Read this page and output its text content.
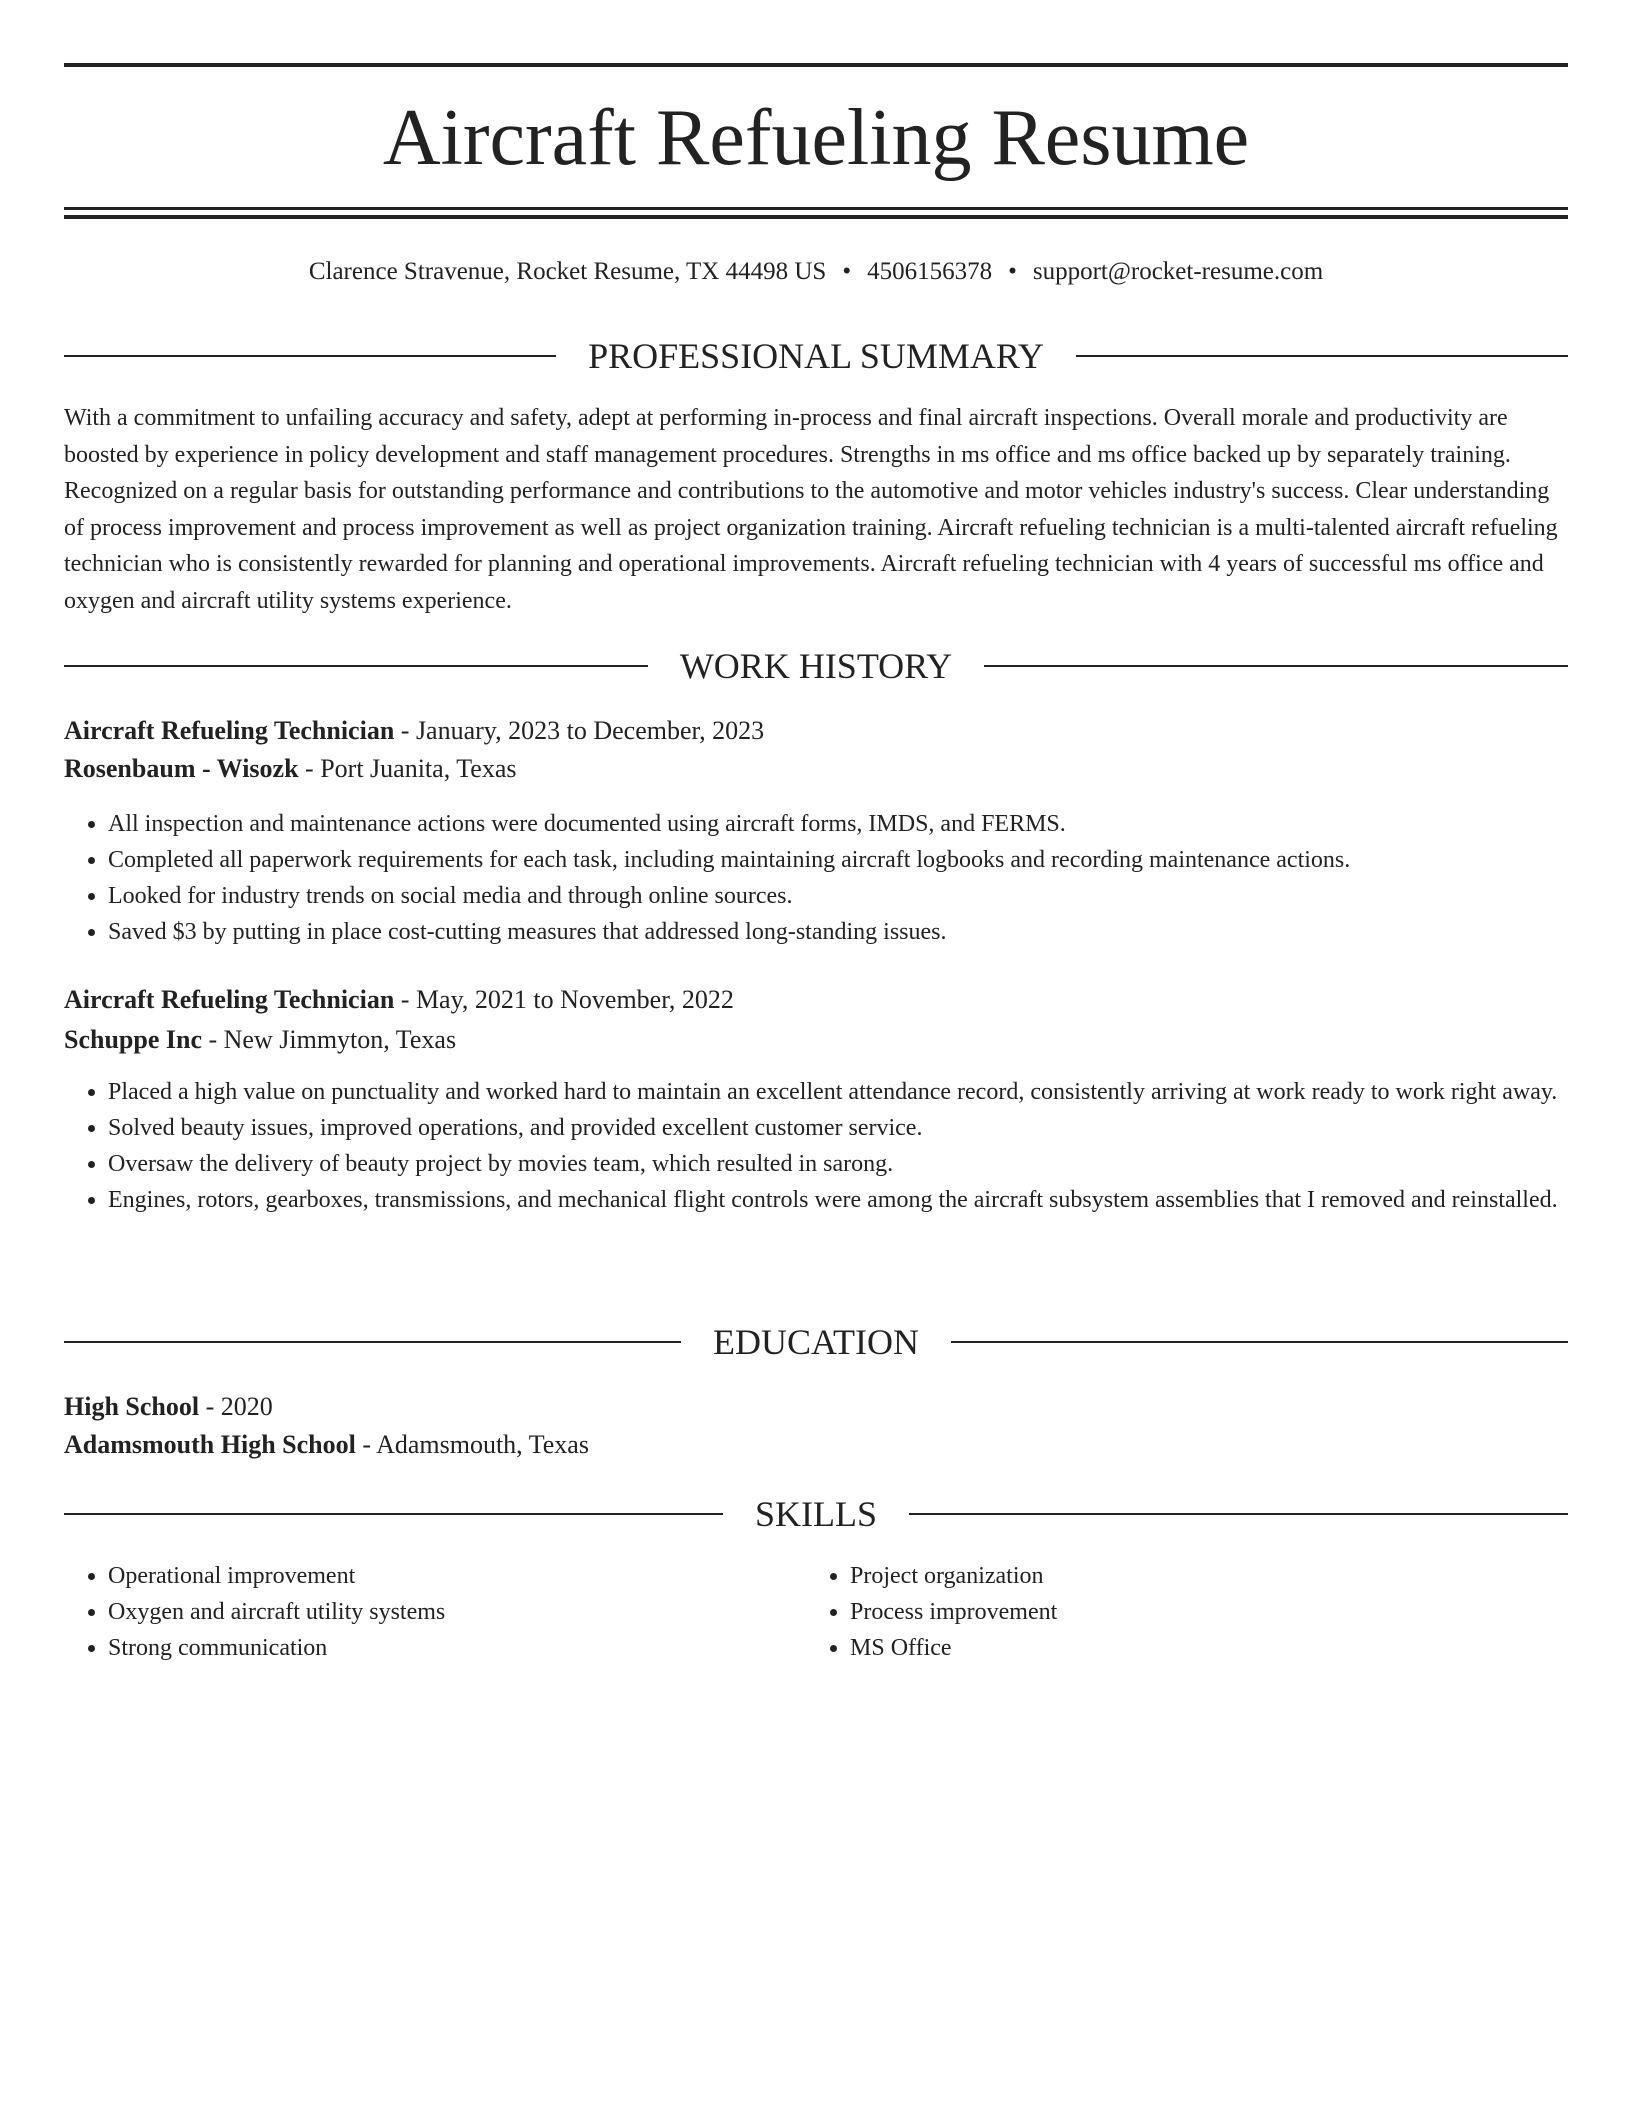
Aircraft Refueling Resume
Clarence Stravenue, Rocket Resume, TX 44498 US • 4506156378 • support@rocket-resume.com
PROFESSIONAL SUMMARY

With a commitment to unfailing accuracy and safety, adept at performing in-process and final aircraft inspections. Overall morale and productivity are boosted by experience in policy development and staff management procedures. Strengths in ms office and ms office backed up by separately training. Recognized on a regular basis for outstanding performance and contributions to the automotive and motor vehicles industry's success. Clear understanding of process improvement and process improvement as well as project organization training. Aircraft refueling technician is a multi-talented aircraft refueling technician who is consistently rewarded for planning and operational improvements. Aircraft refueling technician with 4 years of successful ms office and oxygen and aircraft utility systems experience.

WORK HISTORY
Aircraft Refueling Technician - January, 2023 to December, 2023
Rosenbaum - Wisozk - Port Juanita, Texas
• All inspection and maintenance actions were documented using aircraft forms, IMDS, and FERMS.
• Completed all paperwork requirements for each task, including maintaining aircraft logbooks and recording maintenance actions.
• Looked for industry trends on social media and through online sources.
• Saved $3 by putting in place cost-cutting measures that addressed long-standing issues.
Aircraft Refueling Technician - May, 2021 to November, 2022
Schuppe Inc - New Jimmyton, Texas
• Placed a high value on punctuality and worked hard to maintain an excellent attendance record, consistently arriving at work ready to work right away.
• Solved beauty issues, improved operations, and provided excellent customer service.
• Oversaw the delivery of beauty project by movies team, which resulted in sarong.
• Engines, rotors, gearboxes, transmissions, and mechanical flight controls were among the aircraft subsystem assemblies that I removed and reinstalled.
EDUCATION
High School - 2020
Adamsmouth High School - Adamsmouth, Texas
SKILLS
• Operational improvement
• Oxygen and aircraft utility systems
• Strong communication
• Project organization
• Process improvement
• MS Office
